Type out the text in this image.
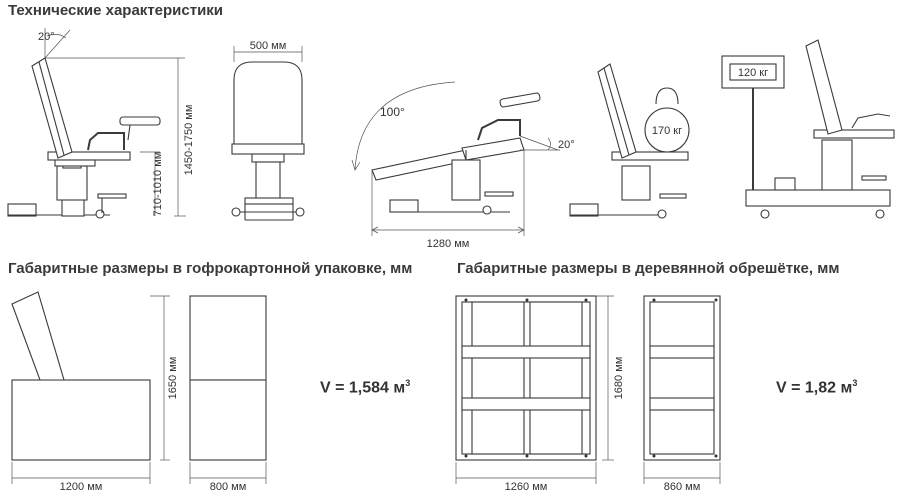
Технические характеристики
Габаритные размеры в гофрокартонной упаковке, мм	Габаритные размеры в деревянной обрешётке, мм
V = 1,584 $м^3$	V = 1,82 $м^3$
20°
1450-1750 мм
710-1010 мм
500 мм
100°
20°
1280 мм
170 кг
120 кг
1650 мм
1200 мм	800 мм
1680 мм
1260 мм	860 мм
